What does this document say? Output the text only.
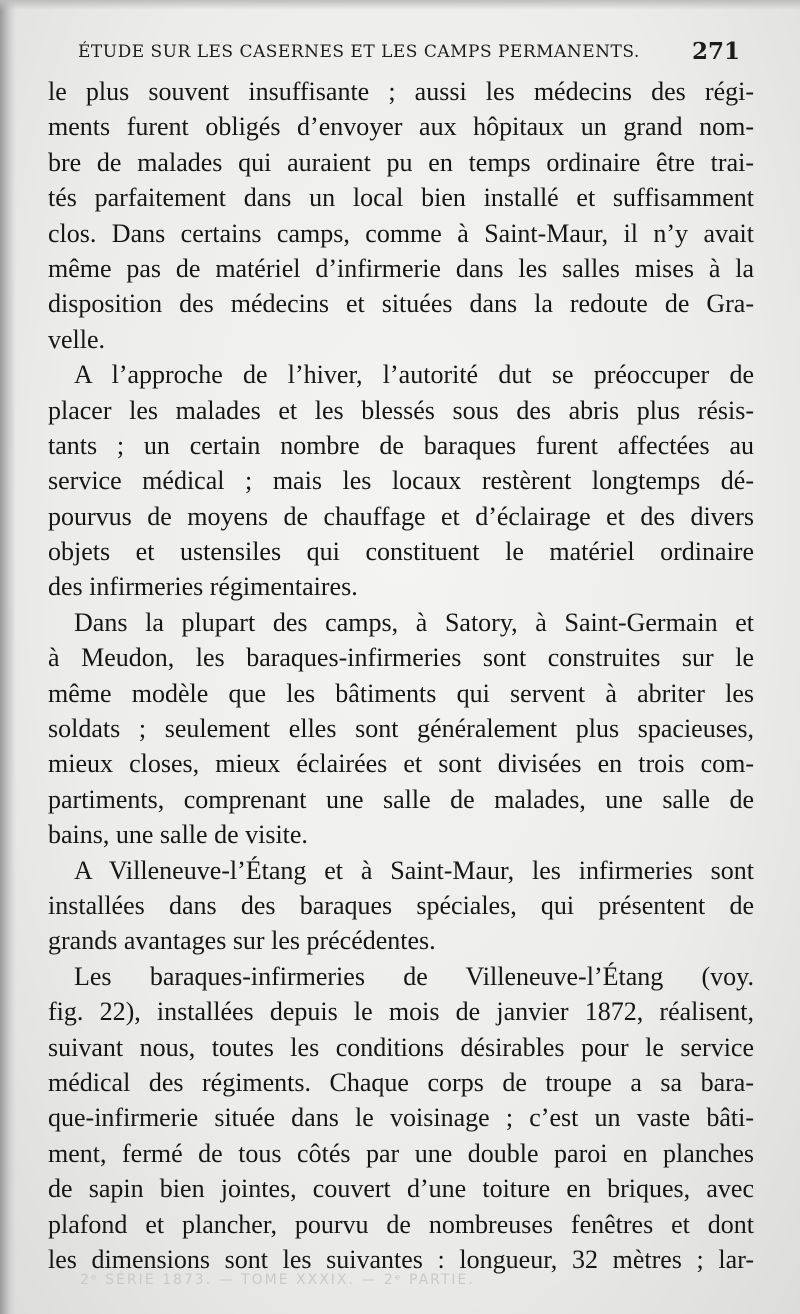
ÉTUDE SUR LES CASERNES ET LES CAMPS PERMANENTS. 271
le plus souvent insuffisante ; aussi les médecins des régi-
ments furent obligés d’envoyer aux hôpitaux un grand nom-
bre de malades qui auraient pu en temps ordinaire être trai-
tés parfaitement dans un local bien installé et suffisamment
clos. Dans certains camps, comme à Saint-Maur, il n’y avait
même pas de matériel d’infirmerie dans les salles mises à la
disposition des médecins et situées dans la redoute de Gra-
velle.
A l’approche de l’hiver, l’autorité dut se préoccuper de
placer les malades et les blessés sous des abris plus résis-
tants ; un certain nombre de baraques furent affectées au
service médical ; mais les locaux restèrent longtemps dé-
pourvus de moyens de chauffage et d’éclairage et des divers
objets et ustensiles qui constituent le matériel ordinaire
des infirmeries régimentaires.
Dans la plupart des camps, à Satory, à Saint-Germain et
à Meudon, les baraques-infirmeries sont construites sur le
même modèle que les bâtiments qui servent à abriter les
soldats ; seulement elles sont généralement plus spacieuses,
mieux closes, mieux éclairées et sont divisées en trois com-
partiments, comprenant une salle de malades, une salle de
bains, une salle de visite.
A Villeneuve-l’Étang et à Saint-Maur, les infirmeries sont
installées dans des baraques spéciales, qui présentent de
grands avantages sur les précédentes.
Les baraques-infirmeries de Villeneuve-l’Étang (voy.
fig. 22), installées depuis le mois de janvier 1872, réalisent,
suivant nous, toutes les conditions désirables pour le service
médical des régiments. Chaque corps de troupe a sa bara-
que-infirmerie située dans le voisinage ; c’est un vaste bâti-
ment, fermé de tous côtés par une double paroi en planches
de sapin bien jointes, couvert d’une toiture en briques, avec
plafond et plancher, pourvu de nombreuses fenêtres et dont
les dimensions sont les suivantes : longueur, 32 mètres ; lar-
2ᵉ SÉRIE 1873. — TOME XXXIX. — 2ᵉ PARTIE.
